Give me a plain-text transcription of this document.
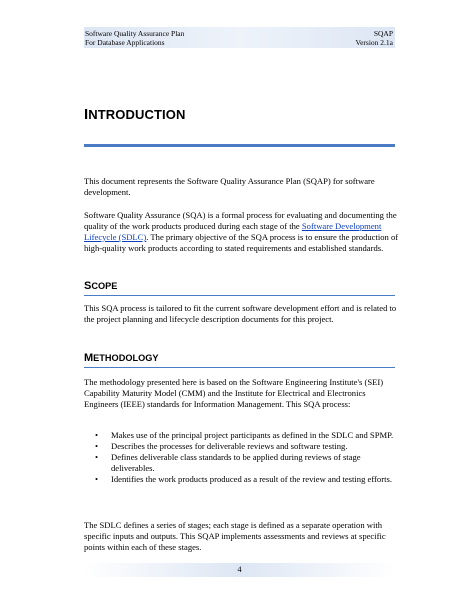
Software Quality Assurance Plan
For Database Applications
SQAP
Version 2.1a
INTRODUCTION

This document represents the Software Quality Assurance Plan (SQAP) for software development.

Software Quality Assurance (SQA) is a formal process for evaluating and documenting the quality of the work products produced during each stage of the Software Development Lifecycle (SDLC). The primary objective of the SQA process is to ensure the production of high-quality work products according to stated requirements and established standards.

SCOPE

This SQA process is tailored to fit the current software development effort and is related to the project planning and lifecycle description documents for this project.

METHODOLOGY

The methodology presented here is based on the Software Engineering Institute's (SEI) Capability Maturity Model (CMM) and the Institute for Electrical and Electronics Engineers (IEEE) standards for Information Management. This SQA process:

• Makes use of the principal project participants as defined in the SDLC and SPMP.
• Describes the processes for deliverable reviews and software testing.
• Defines deliverable class standards to be applied during reviews of stage deliverables.
• Identifies the work products produced as a result of the review and testing efforts.

The SDLC defines a series of stages; each stage is defined as a separate operation with specific inputs and outputs. This SQAP implements assessments and reviews at specific points within each of these stages.

4
